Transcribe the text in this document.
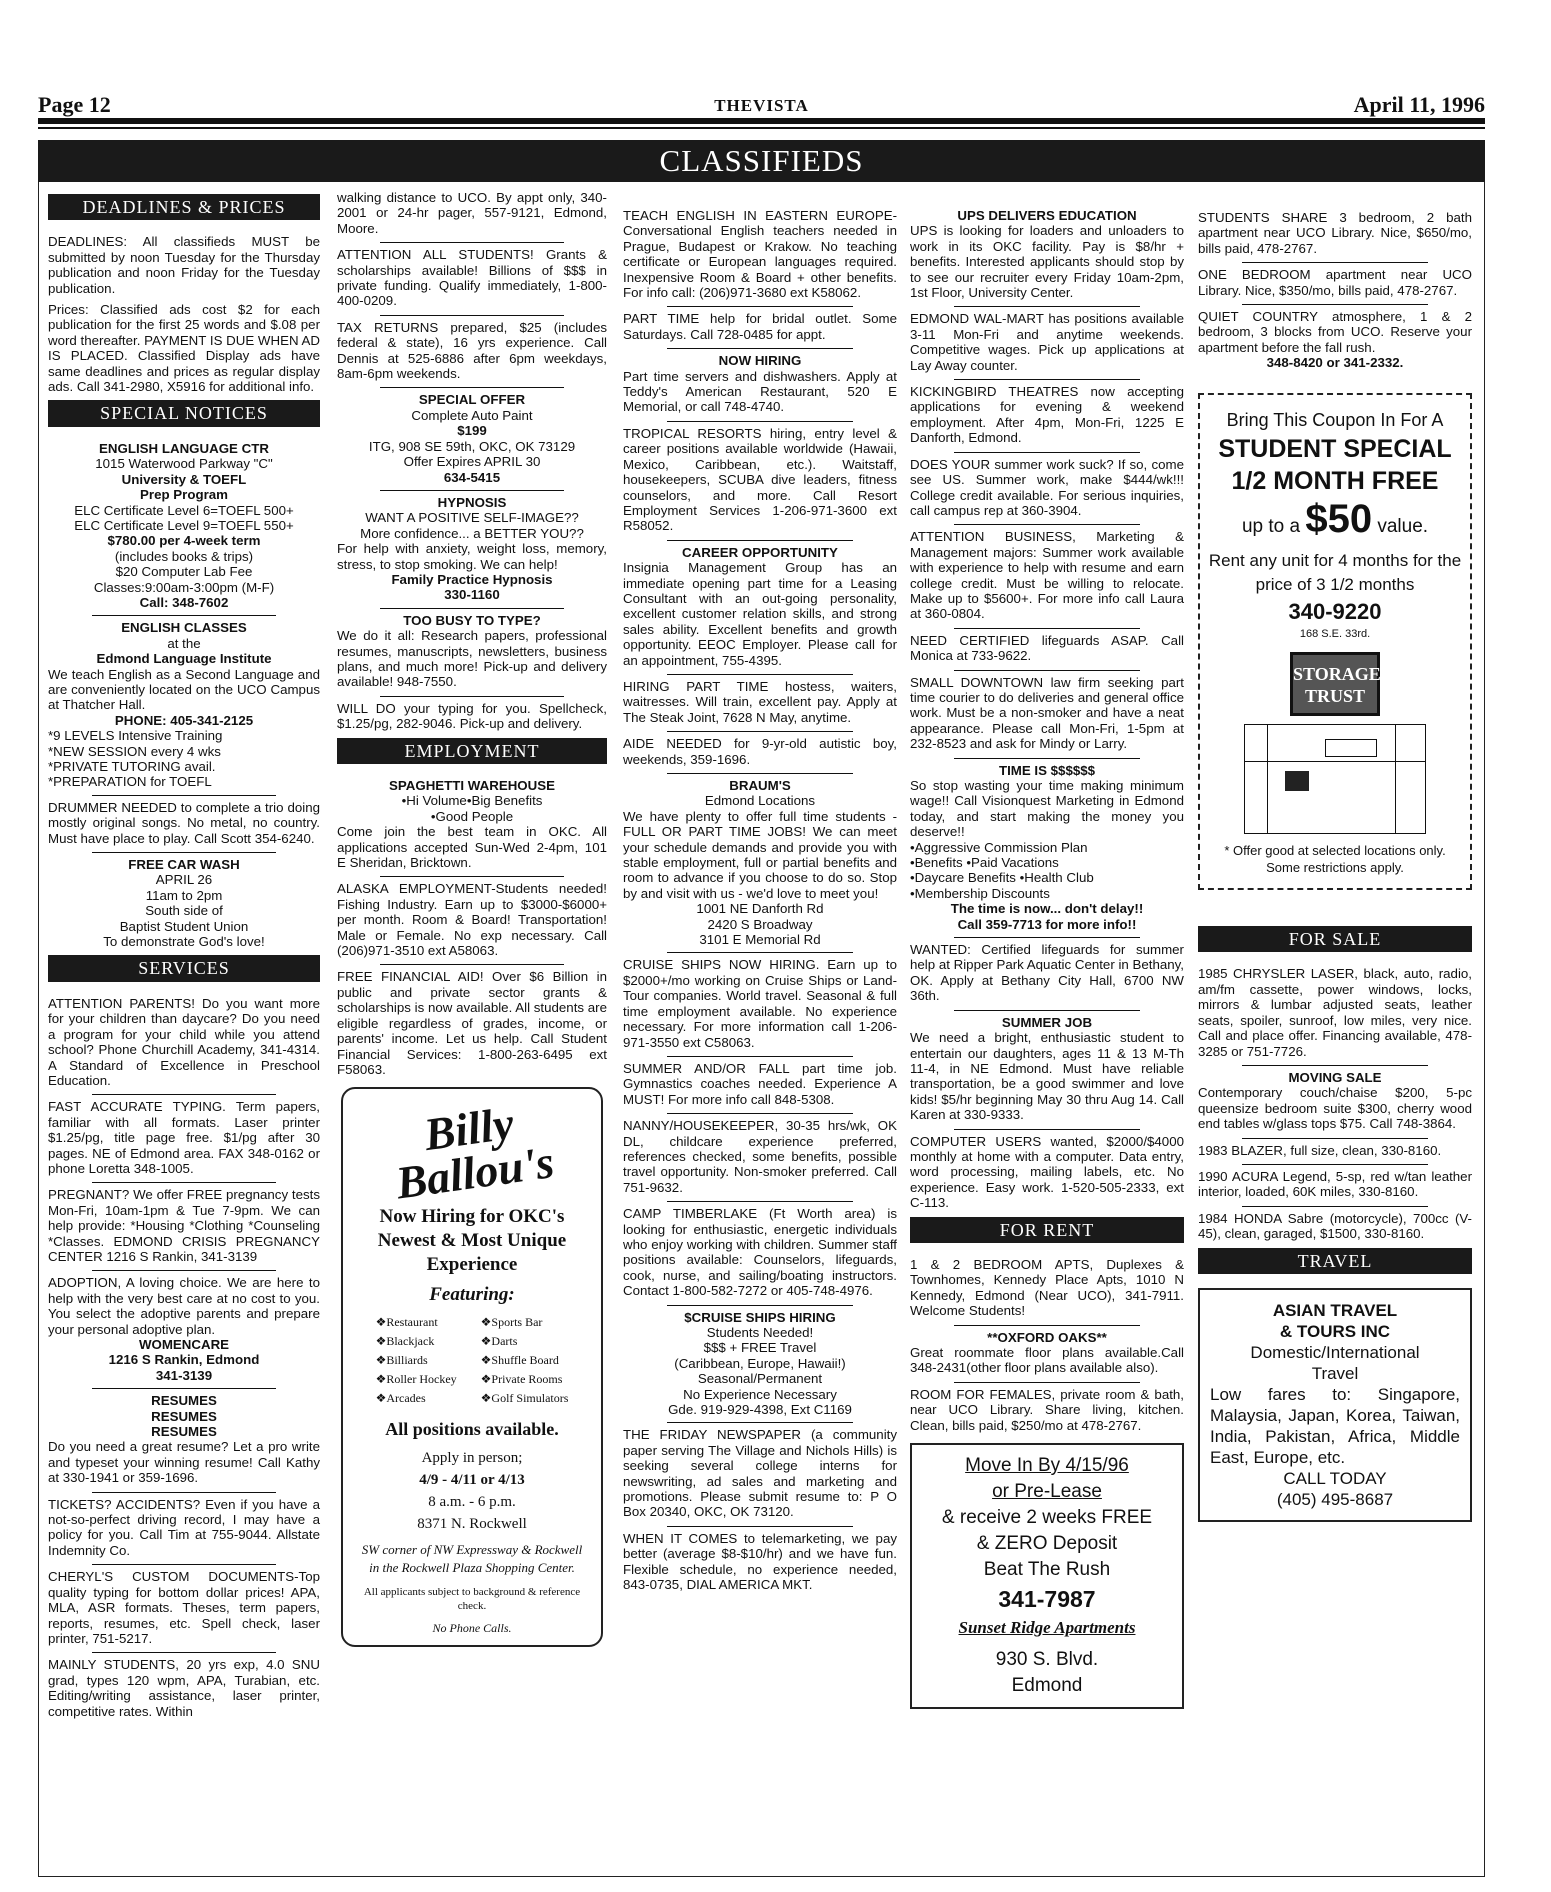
Page 12	THEVISTA	April 11, 1996
CLASSIFIEDS
DEADLINES & PRICES
DEADLINES: All classifieds MUST be submitted by noon Tuesday for the Thursday publication and noon Friday for the Tuesday publication.
Prices: Classified ads cost $2 for each publication for the first 25 words and $.08 per word thereafter. PAYMENT IS DUE WHEN AD IS PLACED. Classified Display ads have same deadlines and prices as regular display ads. Call 341-2980, X5916 for additional info.
SPECIAL NOTICES
ENGLISH LANGUAGE CTR
1015 Waterwood Parkway "C"
University & TOEFL
Prep Program
ELC Certificate Level 6=TOEFL 500+
ELC Certificate Level 9=TOEFL 550+
$780.00 per 4-week term
(includes books & trips)
$20 Computer Lab Fee
Classes:9:00am-3:00pm (M-F)
Call: 348-7602
ENGLISH CLASSES
at the
Edmond Language Institute
We teach English as a Second Language and are conveniently located on the UCO Campus at Thatcher Hall.
PHONE: 405-341-2125
*9 LEVELS Intensive Training
*NEW SESSION every 4 wks
*PRIVATE TUTORING avail.
*PREPARATION for TOEFL
DRUMMER NEEDED to complete a trio doing mostly original songs. No metal, no country. Must have place to play. Call Scott 354-6240.
FREE CAR WASH
APRIL 26
11am to 2pm
South side of
Baptist Student Union
To demonstrate God's love!
SERVICES
ATTENTION PARENTS! Do you want more for your children than daycare? Do you need a program for your child while you attend school? Phone Churchill Academy, 341-4314. A Standard of Excellence in Preschool Education.
FAST ACCURATE TYPING. Term papers, familiar with all formats. Laser printer $1.25/pg, title page free. $1/pg after 30 pages. NE of Edmond area. FAX 348-0162 or phone Loretta 348-1005.
PREGNANT? We offer FREE pregnancy tests Mon-Fri, 10am-1pm & Tue 7-9pm. We can help provide: *Housing *Clothing *Counseling *Classes. EDMOND CRISIS PREGNANCY CENTER 1216 S Rankin, 341-3139
ADOPTION, A loving choice. We are here to help with the very best care at no cost to you. You select the adoptive parents and prepare your personal adoptive plan.
WOMENCARE
1216 S Rankin, Edmond
341-3139
RESUMES
RESUMES
RESUMES
Do you need a great resume? Let a pro write and typeset your winning resume! Call Kathy at 330-1941 or 359-1696.
TICKETS? ACCIDENTS? Even if you have a not-so-perfect driving record, I may have a policy for you. Call Tim at 755-9044. Allstate Indemnity Co.
CHERYL'S CUSTOM DOCUMENTS-Top quality typing for bottom dollar prices! APA, MLA, ASR formats. Theses, term papers, reports, resumes, etc. Spell check, laser printer, 751-5217.
MAINLY STUDENTS, 20 yrs exp, 4.0 SNU grad, types 120 wpm, APA, Turabian, etc. Editing/writing assistance, laser printer, competitive rates. Within
walking distance to UCO. By appt only, 340-2001 or 24-hr pager, 557-9121, Edmond, Moore.
ATTENTION ALL STUDENTS! Grants & scholarships available! Billions of $$$ in private funding. Qualify immediately, 1-800-400-0209.
TAX RETURNS prepared, $25 (includes federal & state), 16 yrs experience. Call Dennis at 525-6886 after 6pm weekdays, 8am-6pm weekends.
SPECIAL OFFER
Complete Auto Paint
$199
ITG, 908 SE 59th, OKC, OK 73129
Offer Expires APRIL 30
634-5415
HYPNOSIS
WANT A POSITIVE SELF-IMAGE??
More confidence... a BETTER YOU??
For help with anxiety, weight loss, memory, stress, to stop smoking. We can help!
Family Practice Hypnosis
330-1160
TOO BUSY TO TYPE?
We do it all: Research papers, professional resumes, manuscripts, newsletters, business plans, and much more! Pick-up and delivery available! 948-7550.
WILL DO your typing for you. Spellcheck, $1.25/pg, 282-9046. Pick-up and delivery.
EMPLOYMENT
SPAGHETTI WAREHOUSE
•Hi Volume•Big Benefits
•Good People
Come join the best team in OKC. All applications accepted Sun-Wed 2-4pm, 101 E Sheridan, Bricktown.
ALASKA EMPLOYMENT-Students needed! Fishing Industry. Earn up to $3000-$6000+ per month. Room & Board! Transportation! Male or Female. No exp necessary. Call (206)971-3510 ext A58063.
FREE FINANCIAL AID! Over $6 Billion in public and private sector grants & scholarships is now available. All students are eligible regardless of grades, income, or parents' income. Let us help. Call Student Financial Services: 1-800-263-6495 ext F58063.
Billy Ballou's
Now Hiring for OKC's Newest & Most Unique Experience
Featuring:
❖Restaurant
❖Blackjack
❖Billiards
❖Roller Hockey
❖Arcades
❖Sports Bar
❖Darts
❖Shuffle Board
❖Private Rooms
❖Golf Simulators
All positions available.
Apply in person;
4/9 - 4/11 or 4/13
8 a.m. - 6 p.m.
8371 N. Rockwell
SW corner of NW Expressway & Rockwell in the Rockwell Plaza Shopping Center.
All applicants subject to background & reference check.
No Phone Calls.
TEACH ENGLISH IN EASTERN EUROPE-Conversational English teachers needed in Prague, Budapest or Krakow. No teaching certificate or European languages required. Inexpensive Room & Board + other benefits. For info call: (206)971-3680 ext K58062.
PART TIME help for bridal outlet. Some Saturdays. Call 728-0485 for appt.
NOW HIRING
Part time servers and dishwashers. Apply at Teddy's American Restaurant, 520 E Memorial, or call 748-4740.
TROPICAL RESORTS hiring, entry level & career positions available worldwide (Hawaii, Mexico, Caribbean, etc.). Waitstaff, housekeepers, SCUBA dive leaders, fitness counselors, and more. Call Resort Employment Services 1-206-971-3600 ext R58052.
CAREER OPPORTUNITY
Insignia Management Group has an immediate opening part time for a Leasing Consultant with an out-going personality, excellent customer relation skills, and strong sales ability. Excellent benefits and growth opportunity. EEOC Employer. Please call for an appointment, 755-4395.
HIRING PART TIME hostess, waiters, waitresses. Will train, excellent pay. Apply at The Steak Joint, 7628 N May, anytime.
AIDE NEEDED for 9-yr-old autistic boy, weekends, 359-1696.
BRAUM'S
Edmond Locations
We have plenty to offer full time students - FULL OR PART TIME JOBS! We can meet your schedule demands and provide you with stable employment, full or partial benefits and room to advance if you choose to do so. Stop by and visit with us - we'd love to meet you!
1001 NE Danforth Rd
2420 S Broadway
3101 E Memorial Rd
CRUISE SHIPS NOW HIRING. Earn up to $2000+/mo working on Cruise Ships or Land-Tour companies. World travel. Seasonal & full time employment available. No experience necessary. For more information call 1-206-971-3550 ext C58063.
SUMMER AND/OR FALL part time job. Gymnastics coaches needed. Experience A MUST! For more info call 848-5308.
NANNY/HOUSEKEEPER, 30-35 hrs/wk, OK DL, childcare experience preferred, references checked, some benefits, possible travel opportunity. Non-smoker preferred. Call 751-9632.
CAMP TIMBERLAKE (Ft Worth area) is looking for enthusiastic, energetic individuals who enjoy working with children. Summer staff positions available: Counselors, lifeguards, cook, nurse, and sailing/boating instructors. Contact 1-800-582-7272 or 405-748-4976.
$CRUISE SHIPS HIRING
Students Needed!
$$$ + FREE Travel
(Caribbean, Europe, Hawaii!)
Seasonal/Permanent
No Experience Necessary
Gde. 919-929-4398, Ext C1169
THE FRIDAY NEWSPAPER (a community paper serving The Village and Nichols Hills) is seeking several college interns for newswriting, ad sales and marketing and promotions. Please submit resume to: P O Box 20340, OKC, OK 73120.
WHEN IT COMES to telemarketing, we pay better (average $8-$10/hr) and we have fun. Flexible schedule, no experience needed, 843-0735, DIAL AMERICA MKT.
UPS DELIVERS EDUCATION
UPS is looking for loaders and unloaders to work in its OKC facility. Pay is $8/hr + benefits. Interested applicants should stop by to see our recruiter every Friday 10am-2pm, 1st Floor, University Center.
EDMOND WAL-MART has positions available 3-11 Mon-Fri and anytime weekends. Competitive wages. Pick up applications at Lay Away counter.
KICKINGBIRD THEATRES now accepting applications for evening & weekend employment. After 4pm, Mon-Fri, 1225 E Danforth, Edmond.
DOES YOUR summer work suck? If so, come see US. Summer work, make $444/wk!!! College credit available. For serious inquiries, call campus rep at 360-3904.
ATTENTION BUSINESS, Marketing & Management majors: Summer work available with experience to help with resume and earn college credit. Must be willing to relocate. Make up to $5600+. For more info call Laura at 360-0804.
NEED CERTIFIED lifeguards ASAP. Call Monica at 733-9622.
SMALL DOWNTOWN law firm seeking part time courier to do deliveries and general office work. Must be a non-smoker and have a neat appearance. Please call Mon-Fri, 1-5pm at 232-8523 and ask for Mindy or Larry.
TIME IS $$$$$$
So stop wasting your time making minimum wage!! Call Visionquest Marketing in Edmond today, and start making the money you deserve!!
•Aggressive Commission Plan
•Benefits •Paid Vacations
•Daycare Benefits •Health Club
•Membership Discounts
The time is now... don't delay!!
Call 359-7713 for more info!!
WANTED: Certified lifeguards for summer help at Ripper Park Aquatic Center in Bethany, OK. Apply at Bethany City Hall, 6700 NW 36th.
SUMMER JOB
We need a bright, enthusiastic student to entertain our daughters, ages 11 & 13 M-Th 11-4, in NE Edmond. Must have reliable transportation, be a good swimmer and love kids! $5/hr beginning May 30 thru Aug 14. Call Karen at 330-9333.
COMPUTER USERS wanted, $2000/$4000 monthly at home with a computer. Data entry, word processing, mailing labels, etc. No experience. Easy work. 1-520-505-2333, ext C-113.
FOR RENT
1 & 2 BEDROOM APTS, Duplexes & Townhomes, Kennedy Place Apts, 1010 N Kennedy, Edmond (Near UCO), 341-7911. Welcome Students!
**OXFORD OAKS**
Great roommate floor plans available.Call 348-2431(other floor plans available also).
ROOM FOR FEMALES, private room & bath, near UCO Library. Share living, kitchen. Clean, bills paid, $250/mo at 478-2767.
Move In By 4/15/96
or Pre-Lease
& receive 2 weeks FREE
& ZERO Deposit
Beat The Rush
341-7987
Sunset Ridge Apartments
930 S. Blvd.
Edmond
STUDENTS SHARE 3 bedroom, 2 bath apartment near UCO Library. Nice, $650/mo, bills paid, 478-2767.
ONE BEDROOM apartment near UCO Library. Nice, $350/mo, bills paid, 478-2767.
QUIET COUNTRY atmosphere, 1 & 2 bedroom, 3 blocks from UCO. Reserve your apartment before the fall rush.
348-8420 or 341-2332.
Bring This Coupon In For A
STUDENT SPECIAL
1/2 MONTH FREE
up to a $50 value.
Rent any unit for 4 months for the price of 3 1/2 months
340-9220
168 S.E. 33rd.
STORAGE TRUST
* Offer good at selected locations only. Some restrictions apply.
FOR SALE
1985 CHRYSLER LASER, black, auto, radio, am/fm cassette, power windows, locks, mirrors & lumbar adjusted seats, leather seats, spoiler, sunroof, low miles, very nice. Call and place offer. Financing available, 478-3285 or 751-7726.
MOVING SALE
Contemporary couch/chaise $200, 5-pc queensize bedroom suite $300, cherry wood end tables w/glass tops $75. Call 748-3864.
1983 BLAZER, full size, clean, 330-8160.
1990 ACURA Legend, 5-sp, red w/tan leather interior, loaded, 60K miles, 330-8160.
1984 HONDA Sabre (motorcycle), 700cc (V-45), clean, garaged, $1500, 330-8160.
TRAVEL
ASIAN TRAVEL
& TOURS INC
Domestic/International
Travel
Low fares to: Singapore, Malaysia, Japan, Korea, Taiwan, India, Pakistan, Africa, Middle East, Europe, etc.
CALL TODAY
(405) 495-8687
